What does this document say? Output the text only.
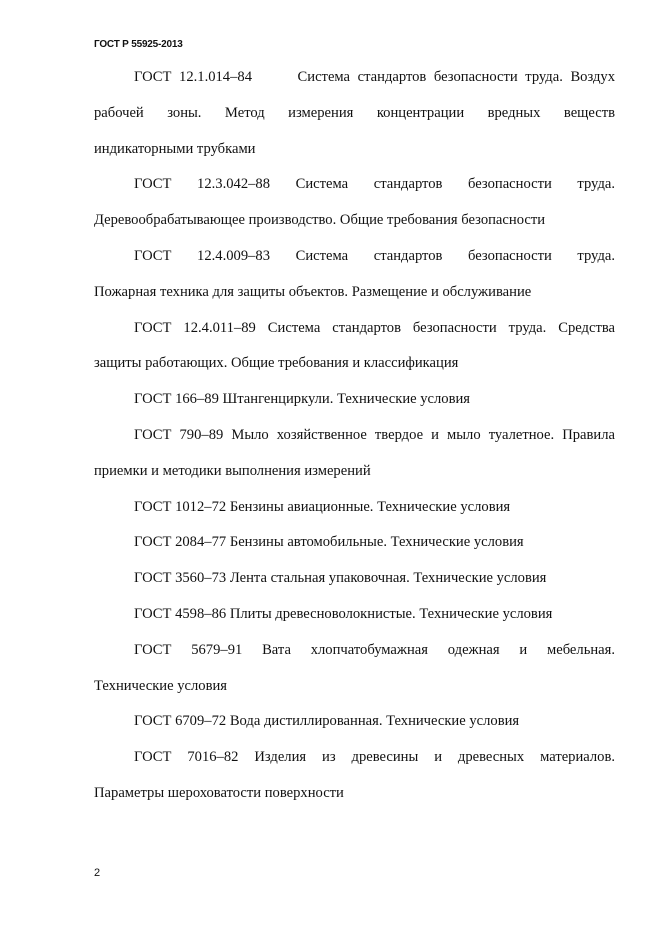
ГОСТ Р 55925-2013
ГОСТ 12.1.014–84      Система стандартов безопасности труда. Воздух
рабочей зоны. Метод измерения концентрации вредных веществ
индикаторными трубками
ГОСТ 12.3.042–88 Система стандартов безопасности труда.
Деревообрабатывающее производство. Общие требования безопасности
ГОСТ 12.4.009–83 Система стандартов безопасности труда.
Пожарная техника для защиты объектов. Размещение и обслуживание
ГОСТ 12.4.011–89 Система стандартов безопасности труда. Средства
защиты работающих. Общие требования и классификация
ГОСТ 166–89 Штангенциркули. Технические условия
ГОСТ 790–89 Мыло хозяйственное твердое и мыло туалетное. Правила
приемки и методики выполнения измерений
ГОСТ 1012–72 Бензины авиационные. Технические условия
ГОСТ 2084–77 Бензины автомобильные. Технические условия
ГОСТ 3560–73 Лента стальная упаковочная. Технические условия
ГОСТ 4598–86 Плиты древесноволокнистые. Технические условия
ГОСТ 5679–91 Вата хлопчатобумажная одежная и мебельная.
Технические условия
ГОСТ 6709–72 Вода дистиллированная. Технические условия
ГОСТ 7016–82 Изделия из древесины и древесных материалов.
Параметры шероховатости поверхности
2
